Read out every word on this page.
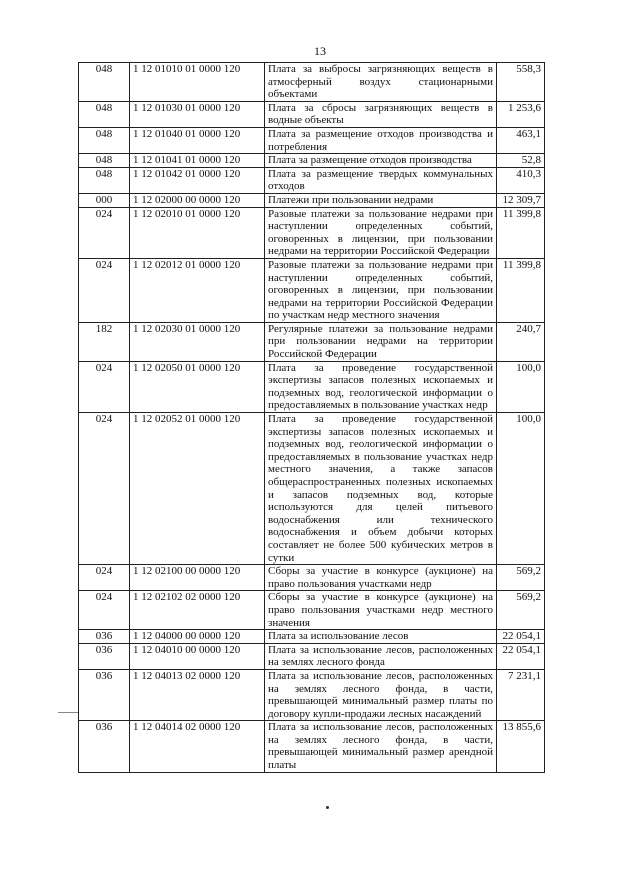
13
048	1 12 01010 01 0000 120	Плата за выбросы загрязняющих веществ в атмосферный воздух стационарными объектами	558,3
048	1 12 01030 01 0000 120	Плата за сбросы загрязняющих веществ в водные объекты	1 253,6
048	1 12 01040 01 0000 120	Плата за размещение отходов производства и потребления	463,1
048	1 12 01041 01 0000 120	Плата за размещение отходов производства	52,8
048	1 12 01042 01 0000 120	Плата за размещение твердых коммунальных отходов	410,3
000	1 12 02000 00 0000 120	Платежи при пользовании недрами	12 309,7
024	1 12 02010 01 0000 120	Разовые платежи за пользование недрами при наступлении определенных событий, оговоренных в лицензии, при пользовании недрами на территории Российской Федерации	11 399,8
024	1 12 02012 01 0000 120	Разовые платежи за пользование недрами при наступлении определенных событий, оговоренных в лицензии, при пользовании недрами на территории Российской Федерации по участкам недр местного значения	11 399,8
182	1 12 02030 01 0000 120	Регулярные платежи за пользование недрами при пользовании недрами на территории Российской Федерации	240,7
024	1 12 02050 01 0000 120	Плата за проведение государственной экспертизы запасов полезных ископаемых и подземных вод, геологической информации о предоставляемых в пользование участках недр	100,0
024	1 12 02052 01 0000 120	Плата за проведение государственной экспертизы запасов полезных ископаемых и подземных вод, геологической информации о предоставляемых в пользование участках недр местного значения, а также запасов общераспространенных полезных ископаемых и запасов подземных вод, которые используются для целей питьевого водоснабжения или технического водоснабжения и объем добычи которых составляет не более 500 кубических метров в сутки	100,0
024	1 12 02100 00 0000 120	Сборы за участие в конкурсе (аукционе) на право пользования участками недр	569,2
024	1 12 02102 02 0000 120	Сборы за участие в конкурсе (аукционе) на право пользования участками недр местного значения	569,2
036	1 12 04000 00 0000 120	Плата за использование лесов	22 054,1
036	1 12 04010 00 0000 120	Плата за использование лесов, расположенных на землях лесного фонда	22 054,1
036	1 12 04013 02 0000 120	Плата за использование лесов, расположенных на землях лесного фонда, в части, превышающей минимальный размер платы по договору купли-продажи лесных насаждений	7 231,1
036	1 12 04014 02 0000 120	Плата за использование лесов, расположенных на землях лесного фонда, в части, превышающей минимальный размер арендной платы	13 855,6
